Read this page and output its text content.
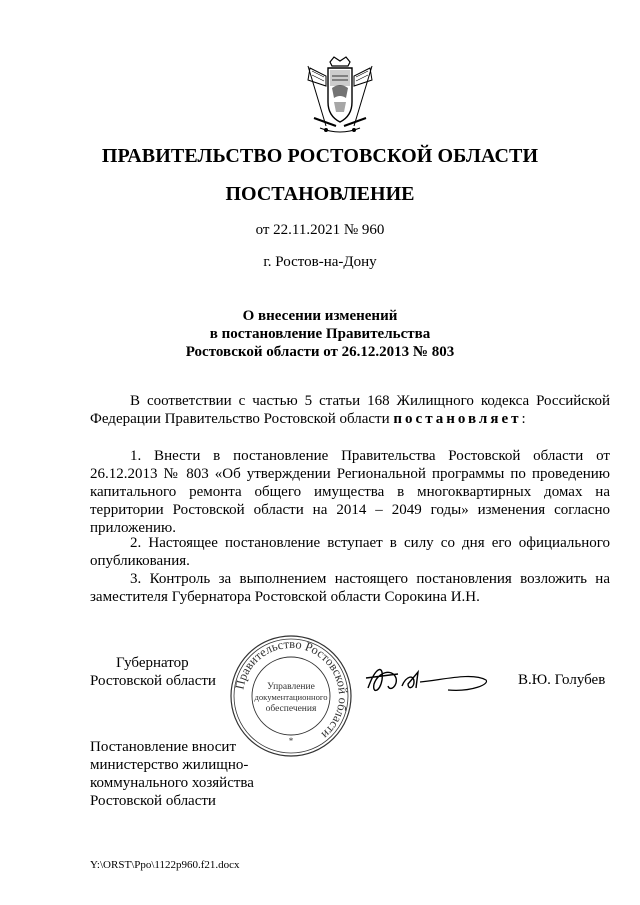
ПРАВИТЕЛЬСТВО РОСТОВСКОЙ ОБЛАСТИ
ПОСТАНОВЛЕНИЕ
от 22.11.2021 № 960
г. Ростов-на-Дону
О внесении изменений
в постановление Правительства
Ростовской области от 26.12.2013 № 803

В соответствии с частью 5 статьи 168 Жилищного кодекса Российской Федерации Правительство Ростовской области постановляет:

1. Внести в постановление Правительства Ростовской области от 26.12.2013 № 803 «Об утверждении Региональной программы по проведению капитального ремонта общего имущества в многоквартирных домах на территории Ростовской области на 2014 – 2049 годы» изменения согласно приложению.

2. Настоящее постановление вступает в силу со дня его официального опубликования.

3. Контроль за выполнением настоящего постановления возложить на заместителя Губернатора Ростовской области Сорокина И.Н.

Губернатор
Ростовской области Правительство Ростовской области
*
Управление
документационного
обеспечения
В.Ю. Голубев
Постановление вносит
министерство жилищно-
коммунального хозяйства
Ростовской области
Y:\ORST\Ppo\1122p960.f21.docx
